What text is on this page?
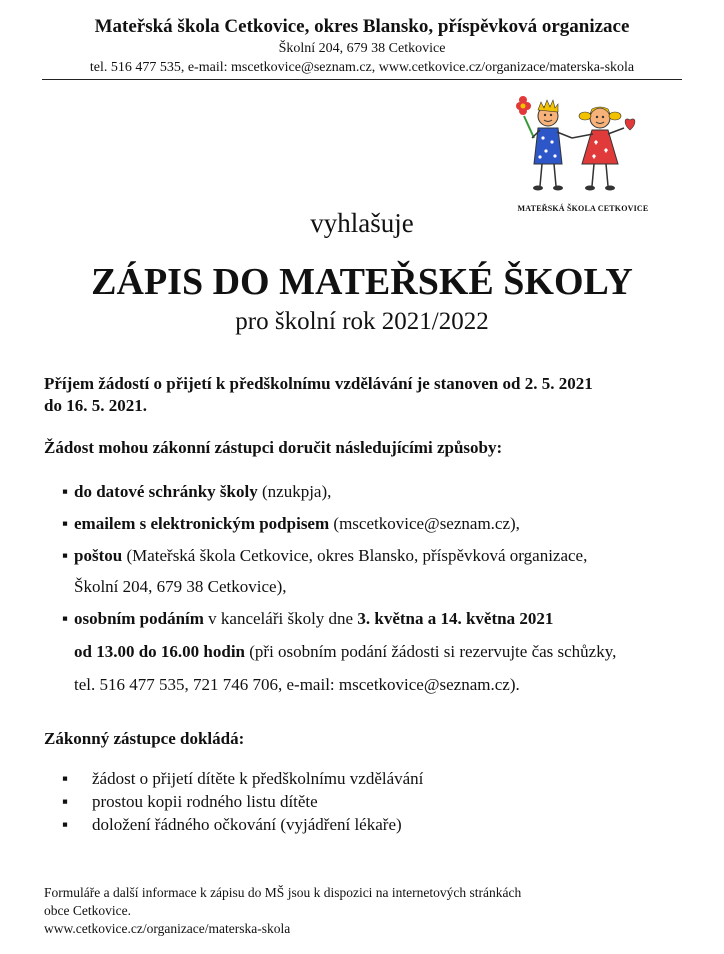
Mateřská škola Cetkovice, okres Blansko, příspěvková organizace
Školní 204, 679 38 Cetkovice
tel. 516 477 535, e-mail: mscetkovice@seznam.cz, www.cetkovice.cz/organizace/materska-skola
MATEŘSKÁ ŠKOLA CETKOVICE
vyhlašuje
ZÁPIS DO MATEŘSKÉ ŠKOLY
pro školní rok 2021/2022
Příjem žádostí o přijetí k předškolnímu vzdělávání je stanoven od 2. 5. 2021
do 16. 5. 2021.
Žádost mohou zákonní zástupci doručit následujícími způsoby:
▪ do datové schránky školy (nzukpja),
▪ emailem s elektronickým podpisem (mscetkovice@seznam.cz),
▪ poštou (Mateřská škola Cetkovice, okres Blansko, příspěvková organizace,
Školní 204, 679 38 Cetkovice),
▪ osobním podáním v kanceláři školy dne 3. května a 14. května 2021
od 13.00 do 16.00 hodin (při osobním podání žádosti si rezervujte čas schůzky,
tel. 516 477 535, 721 746 706, e-mail: mscetkovice@seznam.cz).
Zákonný zástupce dokládá:
▪ žádost o přijetí dítěte k předškolnímu vzdělávání
▪ prostou kopii rodného listu dítěte
▪ doložení řádného očkování (vyjádření lékaře)
Formuláře a další informace k zápisu do MŠ jsou k dispozici na internetových stránkách
obce Cetkovice.
www.cetkovice.cz/organizace/materska-skola
